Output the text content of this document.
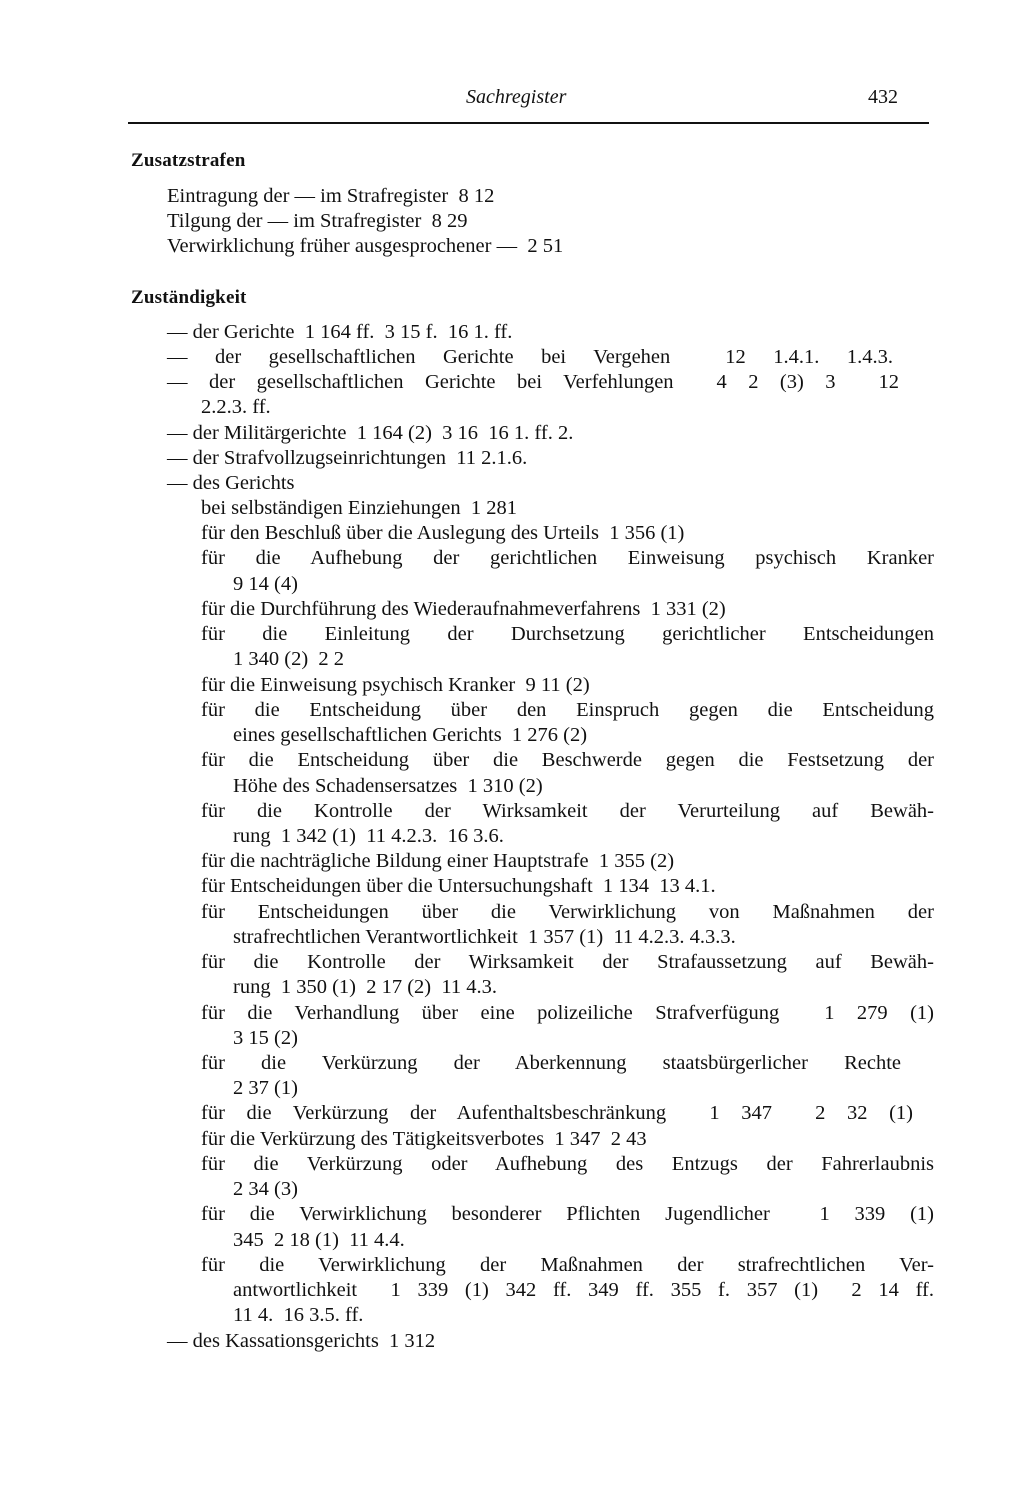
Sachregister	432
Zusatzstrafen
Eintragung der — im Strafregister  8 12
Tilgung der — im Strafregister  8 29
Verwirklichung früher ausgesprochener —  2 51
Zuständigkeit
— der Gerichte  1 164 ff.  3 15 f.  16 1. ff.
— der gesellschaftlichen Gerichte bei Vergehen  12 1.4.1. 1.4.3.
— der gesellschaftlichen Gerichte bei Verfehlungen  4 2 (3) 3  12
2.2.3. ff.
— der Militärgerichte  1 164 (2)  3 16  16 1. ff. 2.
— der Strafvollzugseinrichtungen  11 2.1.6.
— des Gerichts
bei selbständigen Einziehungen  1 281
für den Beschluß über die Auslegung des Urteils  1 356 (1)
für die Aufhebung der gerichtlichen Einweisung psychisch Kranker
9 14 (4)
für die Durchführung des Wiederaufnahmeverfahrens  1 331 (2)
für die Einleitung der Durchsetzung gerichtlicher Entscheidungen
1 340 (2)  2 2
für die Einweisung psychisch Kranker  9 11 (2)
für die Entscheidung über den Einspruch gegen die Entscheidung
eines gesellschaftlichen Gerichts  1 276 (2)
für die Entscheidung über die Beschwerde gegen die Festsetzung der
Höhe des Schadensersatzes  1 310 (2)
für die Kontrolle der Wirksamkeit der Verurteilung auf Bewäh-
rung  1 342 (1)  11 4.2.3.  16 3.6.
für die nachträgliche Bildung einer Hauptstrafe  1 355 (2)
für Entscheidungen über die Untersuchungshaft  1 134  13 4.1.
für Entscheidungen über die Verwirklichung von Maßnahmen der
strafrechtlichen Verantwortlichkeit  1 357 (1)  11 4.2.3. 4.3.3.
für die Kontrolle der Wirksamkeit der Strafaussetzung auf Bewäh-
rung  1 350 (1)  2 17 (2)  11 4.3.
für die Verhandlung über eine polizeiliche Strafverfügung  1 279 (1)
3 15 (2)
für die Verkürzung der Aberkennung staatsbürgerlicher Rechte
2 37 (1)
für die Verkürzung der Aufenthaltsbeschränkung  1 347  2 32 (1)
für die Verkürzung des Tätigkeitsverbotes  1 347  2 43
für die Verkürzung oder Aufhebung des Entzugs der Fahrerlaubnis
2 34 (3)
für die Verwirklichung besonderer Pflichten Jugendlicher  1 339 (1)
345  2 18 (1)  11 4.4.
für die Verwirklichung der Maßnahmen der strafrechtlichen Ver-
antwortlichkeit  1 339 (1) 342 ff. 349 ff. 355 f. 357 (1)  2 14 ff.
11 4.  16 3.5. ff.
— des Kassationsgerichts  1 312
